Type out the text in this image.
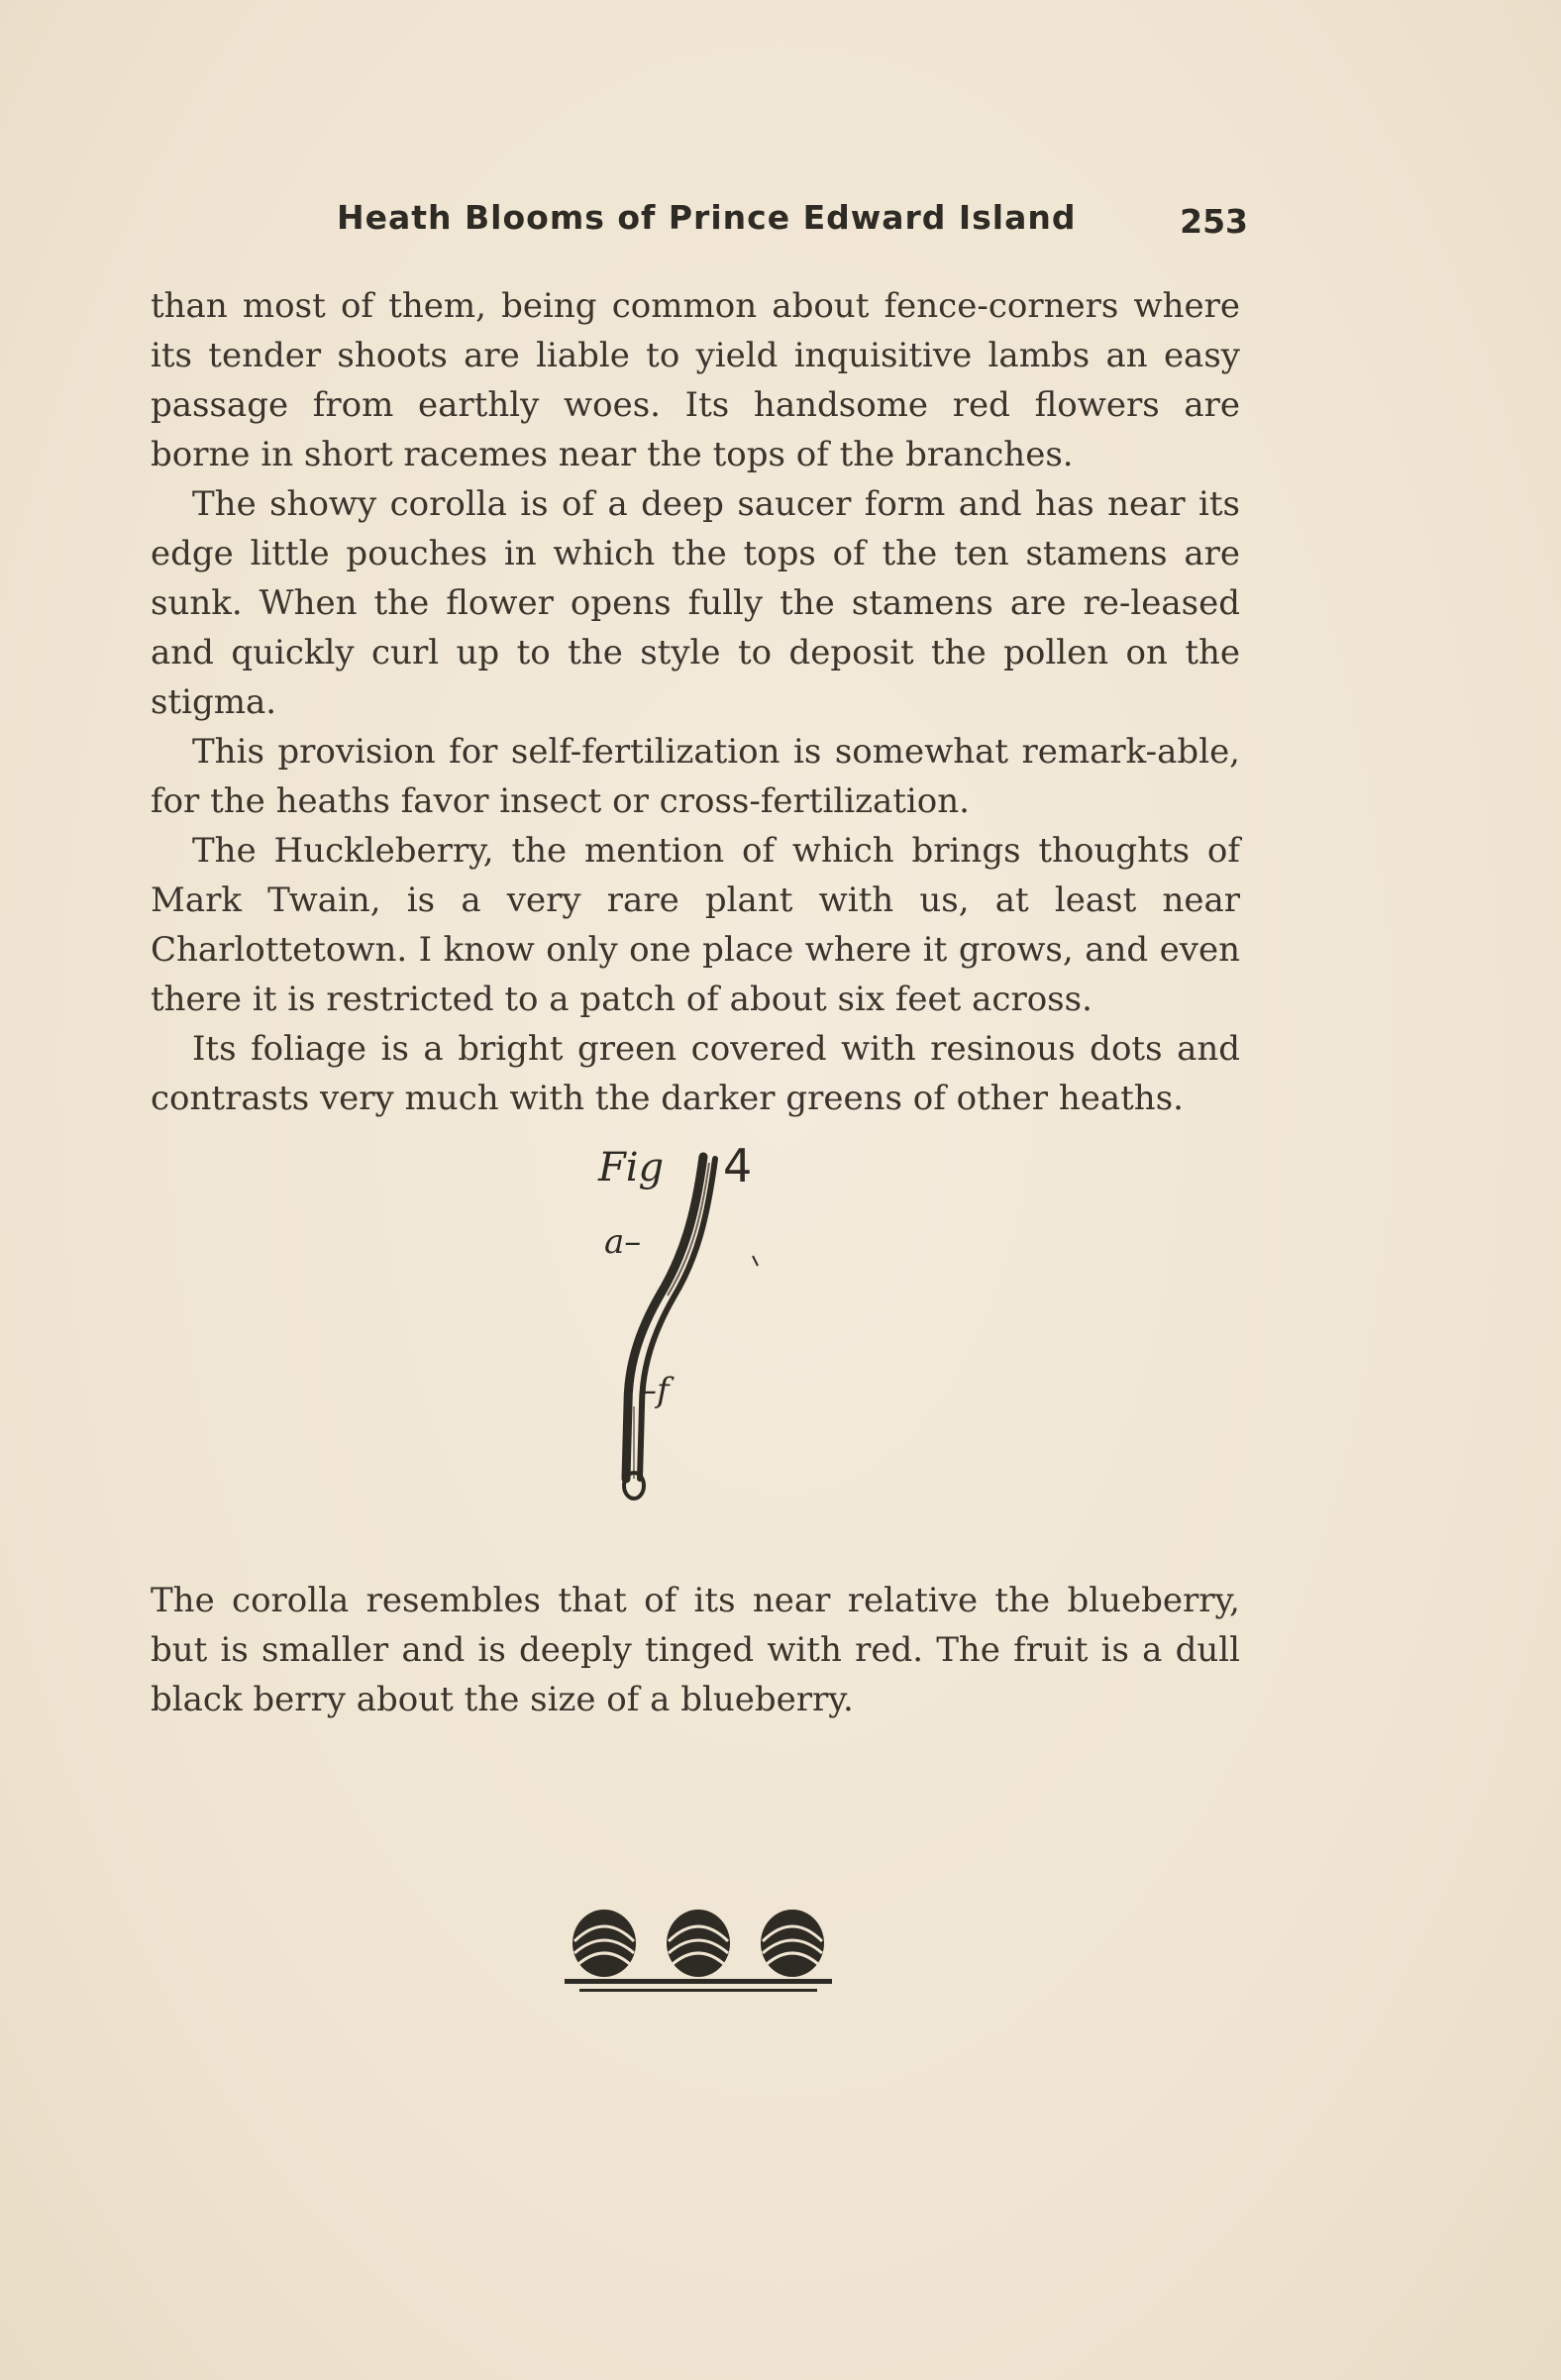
Heath Blooms of Prince Edward Island	253

than most of them, being common about fence-corners where its tender shoots are liable to yield inquisitive lambs an easy passage from earthly woes. Its handsome red flowers are borne in short racemes near the tops of the branches.

The showy corolla is of a deep saucer form and has near its edge little pouches in which the tops of the ten stamens are sunk. When the flower opens fully the stamens are re-leased and quickly curl up to the style to deposit the pollen on the stigma.

This provision for self-fertilization is somewhat remark-able, for the heaths favor insect or cross-fertilization.

The Huckleberry, the mention of which brings thoughts of Mark Twain, is a very rare plant with us, at least near Charlottetown. I know only one place where it grows, and even there it is restricted to a patch of about six feet across.

Its foliage is a bright green covered with resinous dots and contrasts very much with the darker greens of other heaths.

Fig 4
a–
–f

The corolla resembles that of its near relative the blueberry, but is smaller and is deeply tinged with red. The fruit is a dull black berry about the size of a blueberry.
